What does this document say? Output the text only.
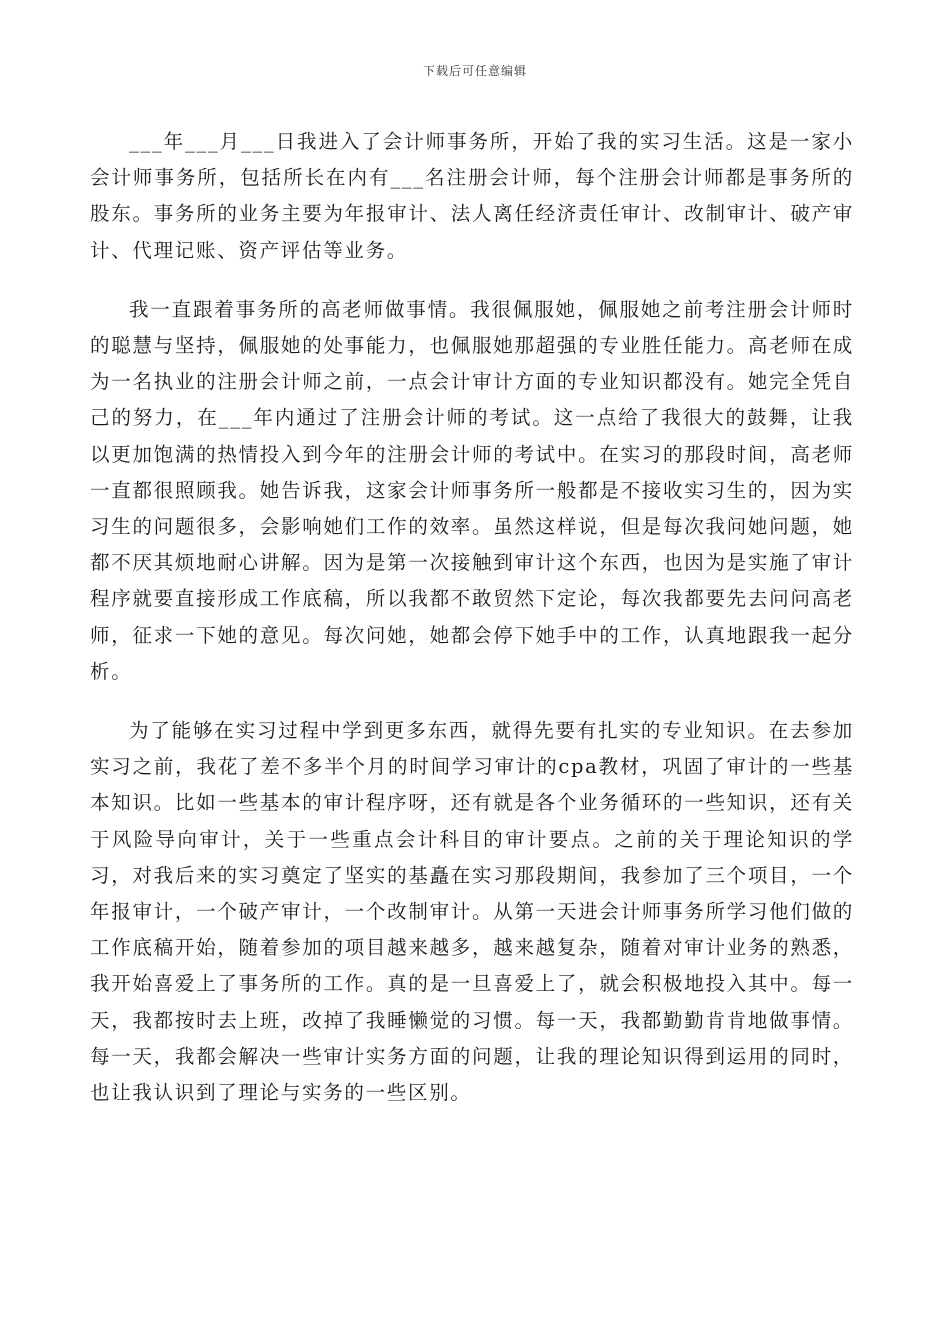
下载后可任意编辑

___年___月___日我进入了会计师事务所，开始了我的实习生活。这是一家小会计师事务所，包括所长在内有___名注册会计师，每个注册会计师都是事务所的股东。事务所的业务主要为年报审计、法人离任经济责任审计、改制审计、破产审计、代理记账、资产评估等业务。

我一直跟着事务所的高老师做事情。我很佩服她，佩服她之前考注册会计师时的聪慧与坚持，佩服她的处事能力，也佩服她那超强的专业胜任能力。高老师在成为一名执业的注册会计师之前，一点会计审计方面的专业知识都没有。她完全凭自己的努力，在___年内通过了注册会计师的考试。这一点给了我很大的鼓舞，让我以更加饱满的热情投入到今年的注册会计师的考试中。在实习的那段时间，高老师一直都很照顾我。她告诉我，这家会计师事务所一般都是不接收实习生的，因为实习生的问题很多，会影响她们工作的效率。虽然这样说，但是每次我问她问题，她都不厌其烦地耐心讲解。因为是第一次接触到审计这个东西，也因为是实施了审计程序就要直接形成工作底稿，所以我都不敢贸然下定论，每次我都要先去问问高老师，征求一下她的意见。每次问她，她都会停下她手中的工作，认真地跟我一起分析。

为了能够在实习过程中学到更多东西，就得先要有扎实的专业知识。在去参加实习之前，我花了差不多半个月的时间学习审计的cpa教材，巩固了审计的一些基本知识。比如一些基本的审计程序呀，还有就是各个业务循环的一些知识，还有关于风险导向审计，关于一些重点会计科目的审计要点。之前的关于理论知识的学习，对我后来的实习奠定了坚实的基矗在实习那段期间，我参加了三个项目，一个年报审计，一个破产审计，一个改制审计。从第一天进会计师事务所学习他们做的工作底稿开始，随着参加的项目越来越多，越来越复杂，随着对审计业务的熟悉，我开始喜爱上了事务所的工作。真的是一旦喜爱上了，就会积极地投入其中。每一天，我都按时去上班，改掉了我睡懒觉的习惯。每一天，我都勤勤肯肯地做事情。每一天，我都会解决一些审计实务方面的问题，让我的理论知识得到运用的同时，也让我认识到了理论与实务的一些区别。
